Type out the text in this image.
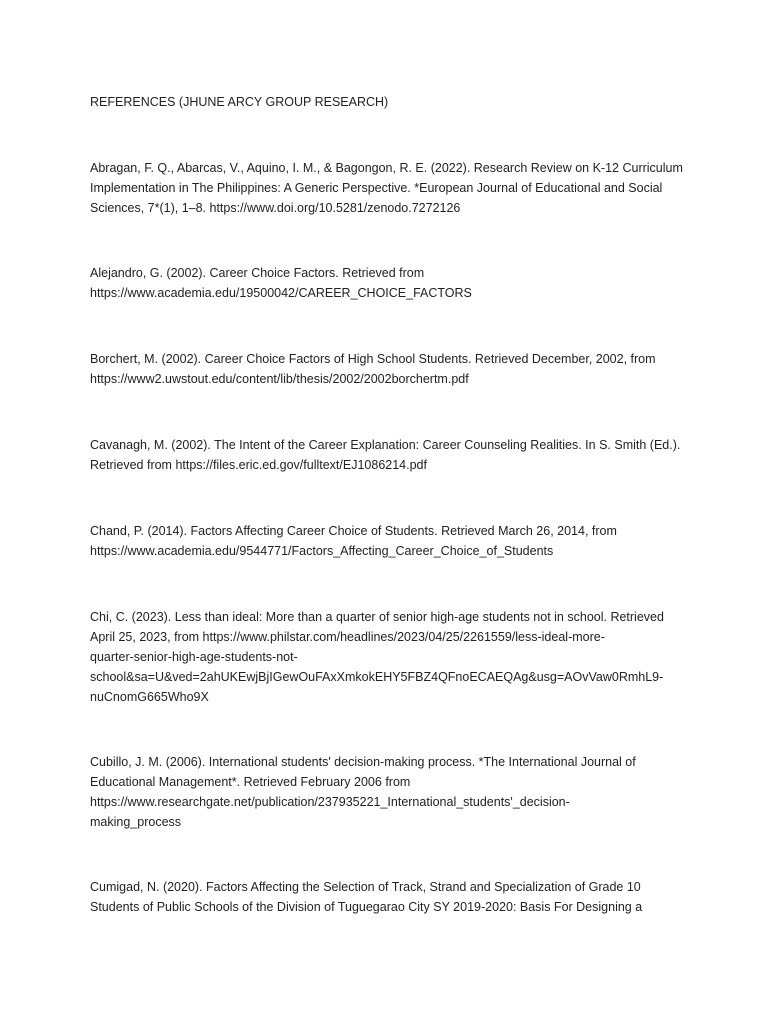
REFERENCES (JHUNE ARCY GROUP RESEARCH)
Abragan, F. Q., Abarcas, V., Aquino, I. M., & Bagongon, R. E. (2022). Research Review on K-12 Curriculum
Implementation in The Philippines: A Generic Perspective. *European Journal of Educational and Social
Sciences, 7*(1), 1–8. https://www.doi.org/10.5281/zenodo.7272126
Alejandro, G. (2002). Career Choice Factors. Retrieved from
https://www.academia.edu/19500042/CAREER_CHOICE_FACTORS
Borchert, M. (2002). Career Choice Factors of High School Students. Retrieved December, 2002, from
https://www2.uwstout.edu/content/lib/thesis/2002/2002borchertm.pdf
Cavanagh, M. (2002). The Intent of the Career Explanation: Career Counseling Realities. In S. Smith (Ed.).
Retrieved from https://files.eric.ed.gov/fulltext/EJ1086214.pdf
Chand, P. (2014). Factors Affecting Career Choice of Students. Retrieved March 26, 2014, from
https://www.academia.edu/9544771/Factors_Affecting_Career_Choice_of_Students
Chi, C. (2023). Less than ideal: More than a quarter of senior high-age students not in school. Retrieved
April 25, 2023, from https://www.philstar.com/headlines/2023/04/25/2261559/less-ideal-more-
quarter-senior-high-age-students-not-
school&sa=U&ved=2ahUKEwjBjIGewOuFAxXmkokEHY5FBZ4QFnoECAEQAg&usg=AOvVaw0RmhL9-
nuCnomG665Who9X
Cubillo, J. M. (2006). International students' decision-making process. *The International Journal of
Educational Management*. Retrieved February 2006 from
https://www.researchgate.net/publication/237935221_International_students'_decision-
making_process
Cumigad, N. (2020). Factors Affecting the Selection of Track, Strand and Specialization of Grade 10
Students of Public Schools of the Division of Tuguegarao City SY 2019-2020: Basis For Designing a
